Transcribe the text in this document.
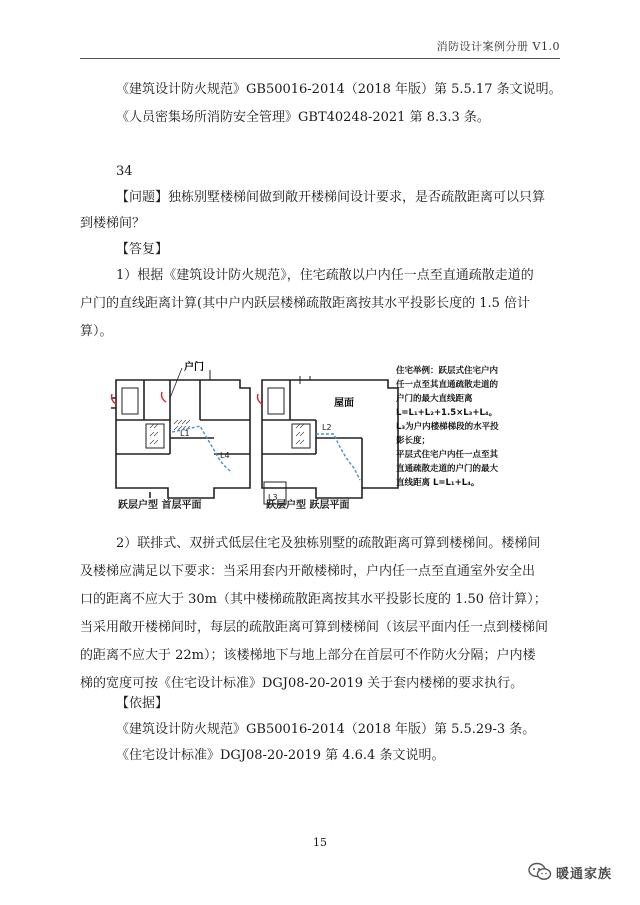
消防设计案例分册 V1.0
《建筑设计防火规范》GB50016-2014（2018 年版）第 5.5.17 条文说明。
《人员密集场所消防安全管理》GBT40248-2021 第 8.3.3 条。
34
【问题】独栋别墅楼梯间做到敞开楼梯间设计要求，是否疏散距离可以只算
到楼梯间？
【答复】
1）根据《建筑设计防火规范》，住宅疏散以户内任一点至直通疏散走道的
户门的直线距离计算(其中户内跃层楼梯疏散距离按其水平投影长度的 1.5 倍计
算）。
户门
L1
L4
屋面
L2
L3
跃层户型 首层平面	跃层户型 跃层平面
住宅举例：跃层式住宅户内
任一点至其直通疏散走道的
户门的最大直线距离
L=L₁+L₂+1.5×L₃+L₄。
L₃为户内楼梯梯段的水平投
影长度；
平层式住宅户内任一点至其
直通疏散走道的户门的最大
直线距离 L=L₁+L₄。
2）联排式、双拼式低层住宅及独栋别墅的疏散距离可算到楼梯间。楼梯间
及楼梯应满足以下要求：当采用套内开敞楼梯时，户内任一点至直通室外安全出
口的距离不应大于 30m（其中楼梯疏散距离按其水平投影长度的 1.50 倍计算）；
当采用敞开楼梯间时，每层的疏散距离可算到楼梯间（该层平面内任一点到楼梯间
的距离不应大于 22m）；该楼梯地下与地上部分在首层可不作防火分隔；户内楼
梯的宽度可按《住宅设计标准》DGJ08-20-2019 关于套内楼梯的要求执行。
【依据】
《建筑设计防火规范》GB50016-2014（2018 年版）第 5.5.29-3 条。
《住宅设计标准》DGJ08-20-2019 第 4.6.4 条文说明。
15
暖通家族
